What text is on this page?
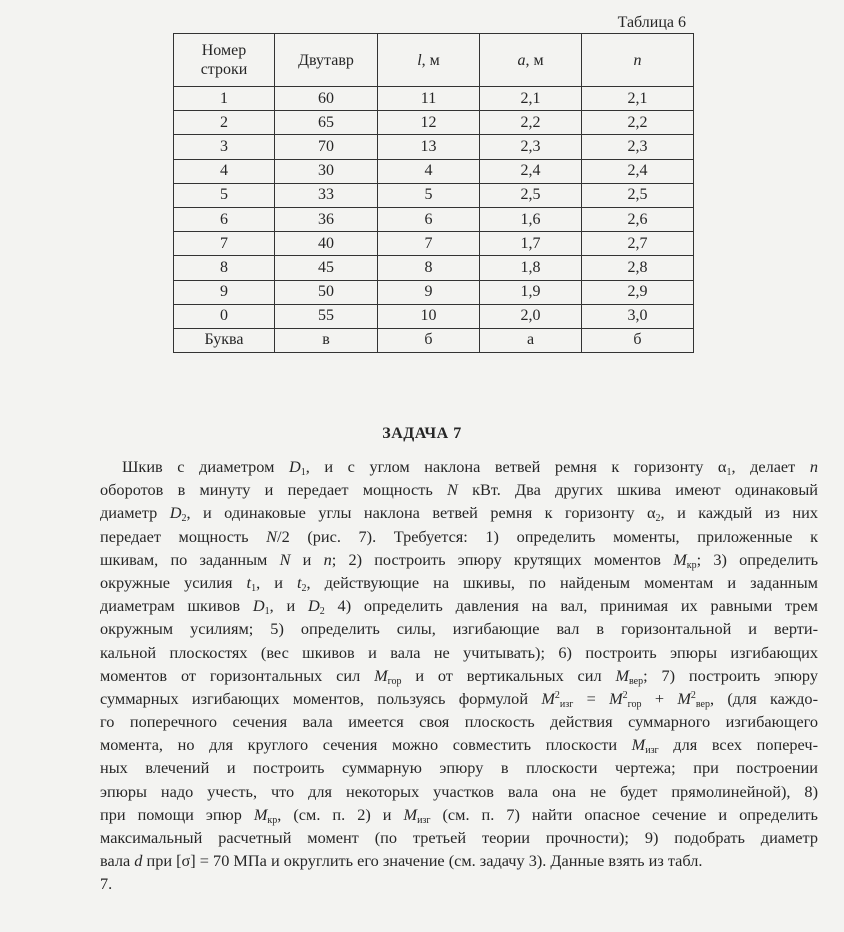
Таблица 6
Номер
строки	Двутавр	l, м	a, м	n
1	60	11	2,1	2,1
2	65	12	2,2	2,2
3	70	13	2,3	2,3
4	30	4	2,4	2,4
5	33	5	2,5	2,5
6	36	6	1,6	2,6
7	40	7	1,7	2,7
8	45	8	1,8	2,8
9	50	9	1,9	2,9
0	55	10	2,0	3,0
Буква	в	б	а	б
ЗАДАЧА 7
Шкив с диаметром $D_1$, и с углом наклона ветвей ремня к горизонту $\alpha_1$, делает n
оборотов в минуту и передает мощность N кВт. Два других шкива имеют одинаковый
диаметр $D_2$, и одинаковые углы наклона ветвей ремня к горизонту $\alpha_2$, и каждый из них
передает мощность N/2 (рис. 7). Требуется: 1) определить моменты, приложенные к
шкивам, по заданным N и n; 2) построить эпюру крутящих моментов $M_{кр}$; 3) определить
окружные усилия $t_1$, и $t_2$, действующие на шкивы, по найденым моментам и заданным
диаметрам шкивов $D_1$, и $D_2$ 4) определить давления на вал, принимая их равными трем
окружным усилиям; 5) определить силы, изгибающие вал в горизонтальной и верти-
кальной плоскостях (вес шкивов и вала не учитывать); 6) построить эпюры изгибающих
моментов от горизонтальных сил $M_{гор}$ и от вертикальных сил $M_{вер}$; 7) построить эпюру
суммарных изгибающих моментов, пользуясь формулой $M^2_{изг} = M^2_{гор} + M^2_{вер}$, (для каждо-
го поперечного сечения вала имеется своя плоскость действия суммарного изгибающего
момента, но для круглого сечения можно совместить плоскости $M_{изг}$ для всех попереч-
ных влечений и построить суммарную эпюру в плоскости чертежа; при построении
эпюры надо учесть, что для некоторых участков вала она не будет прямолинейной), 8)
при помощи эпюр $M_{кр}$, (см. п. 2) и $M_{изг}$ (см. п. 7) найти опасное сечение и определить
максимальный расчетный момент (по третьей теории прочности); 9) подобрать диаметр
вала d при [σ] = 70 МПа и округлить его значение (см. задачу 3). Данные взять из табл.
7.
